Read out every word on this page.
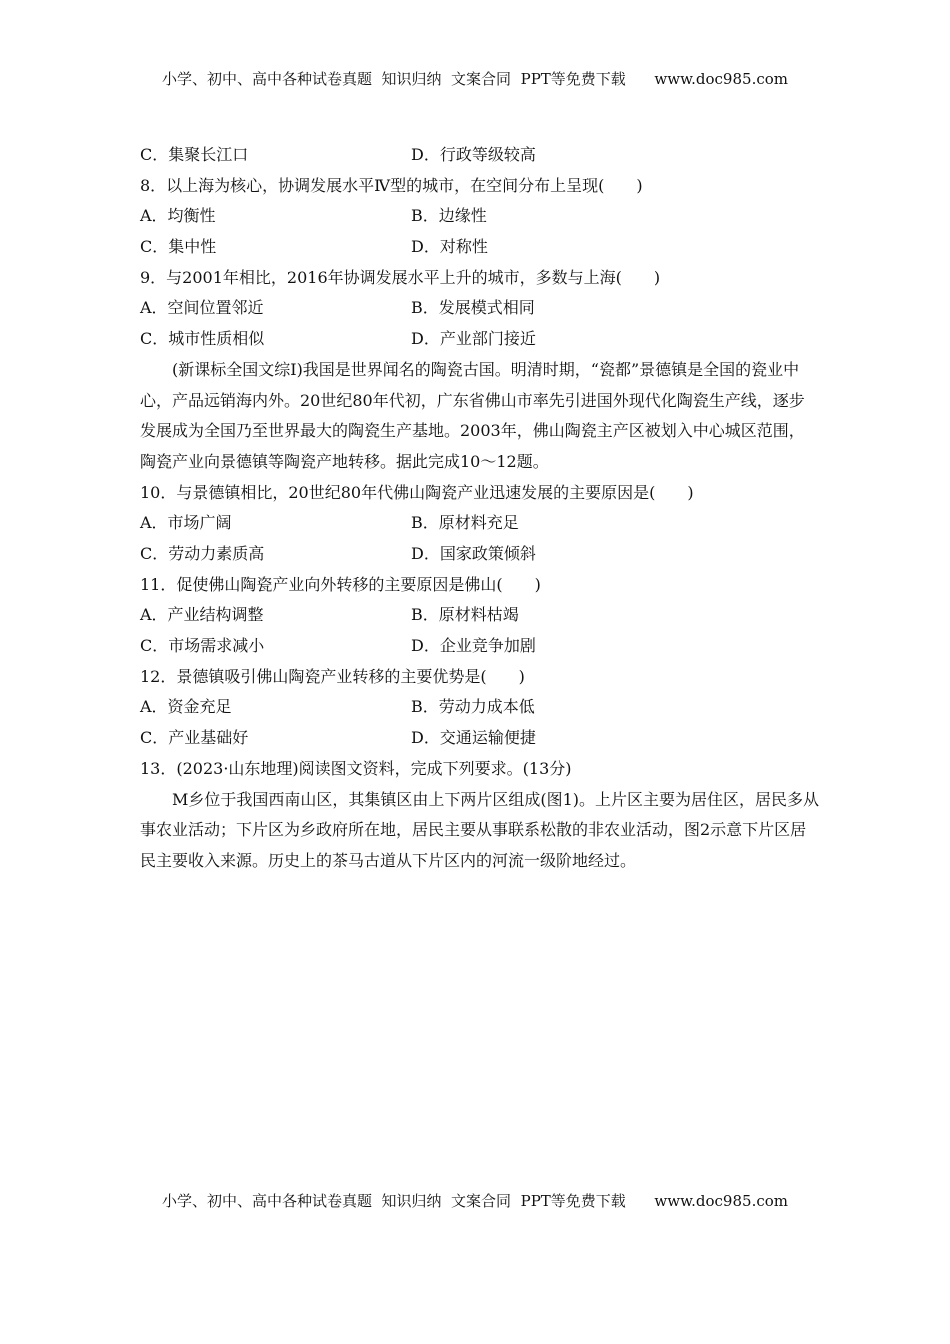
小学、初中、高中各种试卷真题  知识归纳  文案合同  PPT等免费下载      www.doc985.com
C．集聚长江口	D．行政等级较高
8．以上海为核心，协调发展水平Ⅳ型的城市，在空间分布上呈现(　　)
A．均衡性	B．边缘性
C．集中性	D．对称性
9．与2001年相比，2016年协调发展水平上升的城市，多数与上海(　　)
A．空间位置邻近	B．发展模式相同
C．城市性质相似	D．产业部门接近

(新课标全国文综Ⅰ)我国是世界闻名的陶瓷古国。明清时期，“瓷都”景德镇是全国的瓷业中心，产品远销海内外。20世纪80年代初，广东省佛山市率先引进国外现代化陶瓷生产线，逐步发展成为全国乃至世界最大的陶瓷生产基地。2003年，佛山陶瓷主产区被划入中心城区范围，陶瓷产业向景德镇等陶瓷产地转移。据此完成10～12题。

10．与景德镇相比，20世纪80年代佛山陶瓷产业迅速发展的主要原因是(　　)
A．市场广阔	B．原材料充足
C．劳动力素质高	D．国家政策倾斜
11．促使佛山陶瓷产业向外转移的主要原因是佛山(　　)
A．产业结构调整	B．原材料枯竭
C．市场需求减小	D．企业竞争加剧
12．景德镇吸引佛山陶瓷产业转移的主要优势是(　　)
A．资金充足	B．劳动力成本低
C．产业基础好	D．交通运输便捷
13．(2023·山东地理)阅读图文资料，完成下列要求。(13分)

M乡位于我国西南山区，其集镇区由上下两片区组成(图1)。上片区主要为居住区，居民多从事农业活动；下片区为乡政府所在地，居民主要从事联系松散的非农业活动，图2示意下片区居民主要收入来源。历史上的茶马古道从下片区内的河流一级阶地经过。

小学、初中、高中各种试卷真题  知识归纳  文案合同  PPT等免费下载      www.doc985.com
